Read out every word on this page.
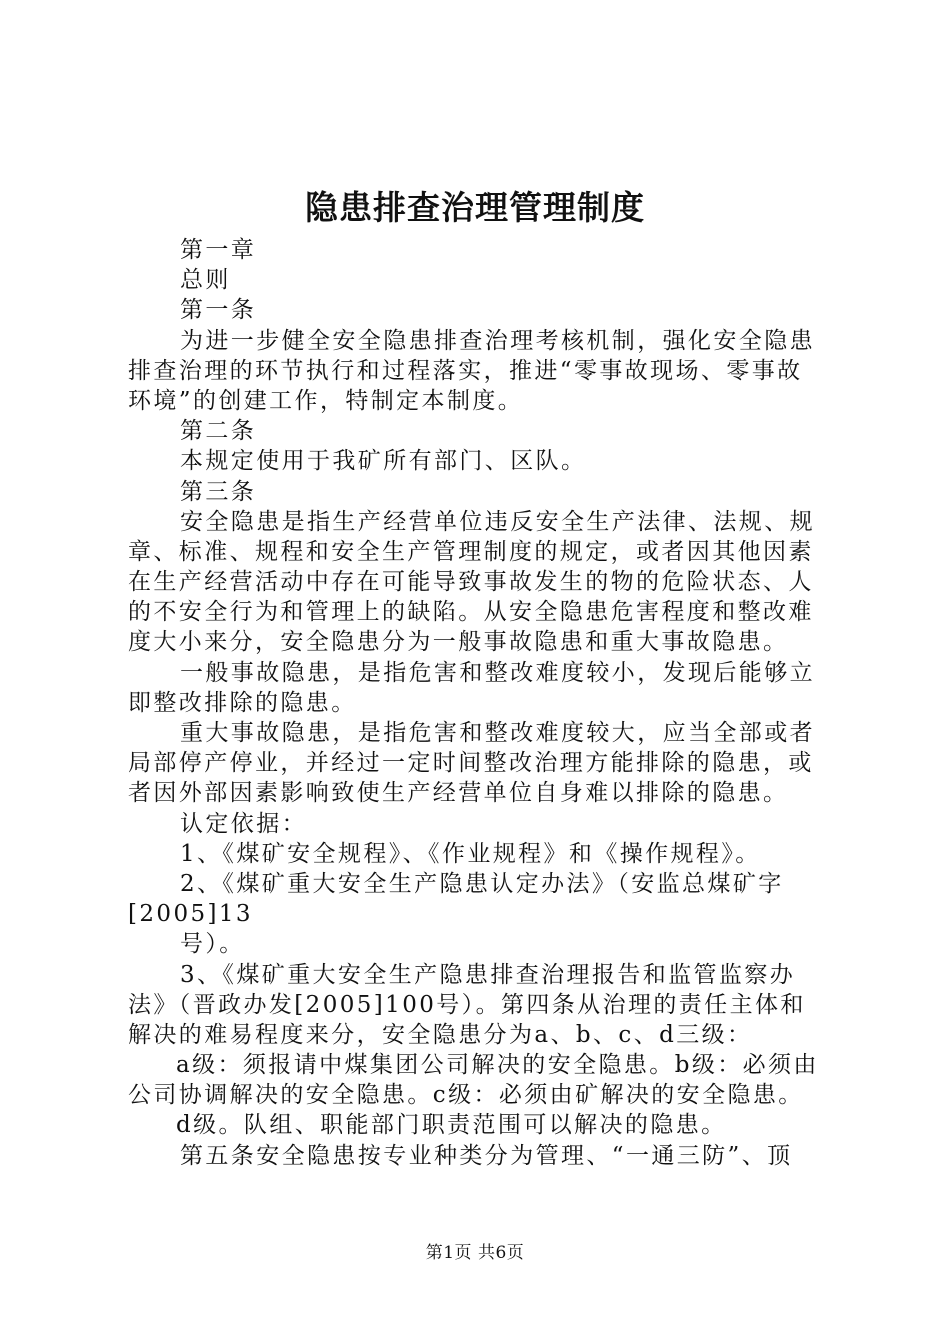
隐患排查治理管理制度
第一章
总则
第一条
为进一步健全安全隐患排查治理考核机制，强化安全隐患
排查治理的环节执行和过程落实，推进“零事故现场、零事故
环境”的创建工作，特制定本制度。
第二条
本规定使用于我矿所有部门、区队。
第三条
安全隐患是指生产经营单位违反安全生产法律、法规、规
章、标准、规程和安全生产管理制度的规定，或者因其他因素
在生产经营活动中存在可能导致事故发生的物的危险状态、人
的不安全行为和管理上的缺陷。从安全隐患危害程度和整改难
度大小来分，安全隐患分为一般事故隐患和重大事故隐患。
一般事故隐患，是指危害和整改难度较小，发现后能够立
即整改排除的隐患。
重大事故隐患，是指危害和整改难度较大，应当全部或者
局部停产停业，并经过一定时间整改治理方能排除的隐患，或
者因外部因素影响致使生产经营单位自身难以排除的隐患。
认定依据：
1、《煤矿安全规程》、《作业规程》和《操作规程》。
2、《煤矿重大安全生产隐患认定办法》（安监总煤矿字
[2005]13
号）。
3、《煤矿重大安全生产隐患排查治理报告和监管监察办
法》（晋政办发[2005]100号）。第四条从治理的责任主体和
解决的难易程度来分，安全隐患分为a、b、c、d三级：
a级：须报请中煤集团公司解决的安全隐患。b级：必须由
公司协调解决的安全隐患。c级：必须由矿解决的安全隐患。
d级。队组、职能部门职责范围可以解决的隐患。
第五条安全隐患按专业种类分为管理、“一通三防”、顶
第1页 共6页
